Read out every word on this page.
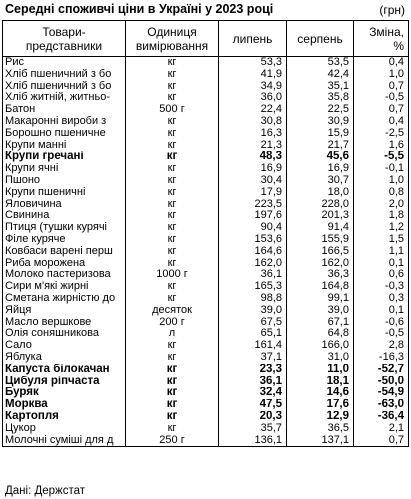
Середні споживчі ціни в Україні у 2023 році	(грн)
Товари-
представники	Одиниця
вимірювання	липень	серпень	Зміна,
%
Рис	кг	53,3	53,5	0,4
Хліб пшеничний з бо	кг	41,9	42,4	1,0
Хліб пшеничний з бо	кг	34,9	35,1	0,7
Хліб житній, житньо-	кг	36,0	35,8	-0,5
Батон	500 г	22,4	22,5	0,7
Макаронні вироби з	кг	30,8	30,9	0,4
Борошно пшеничне	кг	16,3	15,9	-2,5
Крупи манні	кг	21,3	21,7	1,6
Крупи гречані	кг	48,3	45,6	-5,5
Крупи ячні	кг	16,9	16,9	-0,1
Пшоно	кг	30,4	30,7	1,0
Крупи пшеничні	кг	17,9	18,0	0,8
Яловичина	кг	223,5	228,0	2,0
Свинина	кг	197,6	201,3	1,8
Птиця (тушки курячі	кг	90,4	91,4	1,2
Філе куряче	кг	153,6	155,9	1,5
Ковбаси варені перш	кг	164,6	166,5	1,1
Риба морожена	кг	162,0	162,0	0,1
Молоко пастеризова	1000 г	36,1	36,3	0,6
Сири м'які жирні	кг	165,3	164,8	-0,3
Сметана жирністю до	кг	98,8	99,1	0,3
Яйця	десяток	39,0	39,0	0,1
Масло вершкове	200 г	67,5	67,1	-0,6
Олія соняшникова	л	65,1	64,8	-0,5
Сало	кг	161,4	166,0	2,8
Яблука	кг	37,1	31,0	-16,3
Капуста білокачан	кг	23,3	11,0	-52,7
Цибуля ріпчаста	кг	36,1	18,1	-50,0
Буряк	кг	32,4	14,6	-54,9
Морква	кг	47,5	17,6	-63,0
Картопля	кг	20,3	12,9	-36,4
Цукор	кг	35,7	36,5	2,1
Молочні суміші для д	250 г	136,1	137,1	0,7
Дані: Держстат
